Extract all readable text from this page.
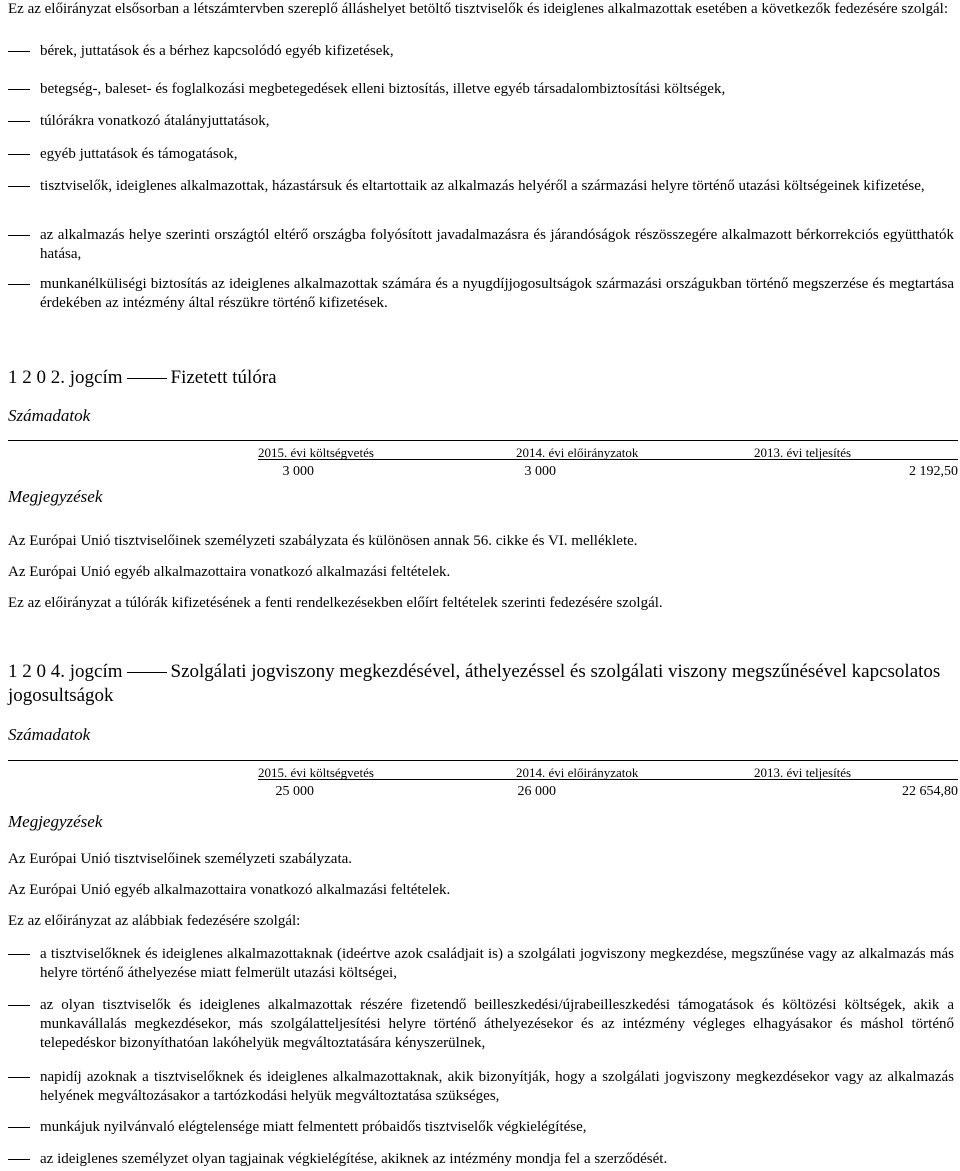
Ez az előirányzat elsősorban a létszámtervben szereplő álláshelyet betöltő tisztviselők és ideiglenes alkalmazottak esetében a következők fedezésére szolgál:

bérek, juttatások és a bérhez kapcsolódó egyéb kifizetések,
betegség-, baleset- és foglalkozási megbetegedések elleni biztosítás, illetve egyéb társadalombiztosítási költségek,
túlórákra vonatkozó átalányjuttatások,
egyéb juttatások és támogatások,
tisztviselők, ideiglenes alkalmazottak, házastársuk és eltartottaik az alkalmazás helyéről a származási helyre történő utazási költségeinek kifizetése,
az alkalmazás helye szerinti országtól eltérő országba folyósított javadalmazásra és járandóságok részösszegére alkalmazott bérkorrekciós együtthatók hatása,
munkanélküliségi biztosítás az ideiglenes alkalmazottak számára és a nyugdíjjogosultságok származási országukban történő megszerzése és megtartása érdekében az intézmény által részükre történő kifizetések.
1 2 0 2. jogcím	Fizetett túlóra
Számadatok
2015. évi költségvetés	2014. évi előirányzatok	2013. évi teljesítés
3 000	3 000	2 192,50
Megjegyzések
Az Európai Unió tisztviselőinek személyzeti szabályzata és különösen annak 56. cikke és VI. melléklete.
Az Európai Unió egyéb alkalmazottaira vonatkozó alkalmazási feltételek.
Ez az előirányzat a túlórák kifizetésének a fenti rendelkezésekben előírt feltételek szerinti fedezésére szolgál.
1 2 0 4. jogcím	Szolgálati jogviszony megkezdésével, áthelyezéssel és szolgálati viszony megszűnésével kapcsolatos jogosultságok
Számadatok
2015. évi költségvetés	2014. évi előirányzatok	2013. évi teljesítés
25 000	26 000	22 654,80
Megjegyzések
Az Európai Unió tisztviselőinek személyzeti szabályzata.
Az Európai Unió egyéb alkalmazottaira vonatkozó alkalmazási feltételek.
Ez az előirányzat az alábbiak fedezésére szolgál:
a tisztviselőknek és ideiglenes alkalmazottaknak (ideértve azok családjait is) a szolgálati jogviszony megkezdése, megszűnése vagy az alkalmazás más helyre történő áthelyezése miatt felmerült utazási költségei,
az olyan tisztviselők és ideiglenes alkalmazottak részére fizetendő beilleszkedési/újrabeilleszkedési támogatások és költözési költségek, akik a munkavállalás megkezdésekor, más szolgálatteljesítési helyre történő áthelyezésekor és az intézmény végleges elhagyásakor és máshol történő telepedéskor bizonyíthatóan lakóhelyük megváltoztatására kényszerülnek,
napidíj azoknak a tisztviselőknek és ideiglenes alkalmazottaknak, akik bizonyítják, hogy a szolgálati jogviszony megkezdésekor vagy az alkalmazás helyének megváltozásakor a tartózkodási helyük megváltoztatása szükséges,
munkájuk nyilvánvaló elégtelensége miatt felmentett próbaidős tisztviselők végkielégítése,
az ideiglenes személyzet olyan tagjainak végkielégítése, akiknek az intézmény mondja fel a szerződését.
